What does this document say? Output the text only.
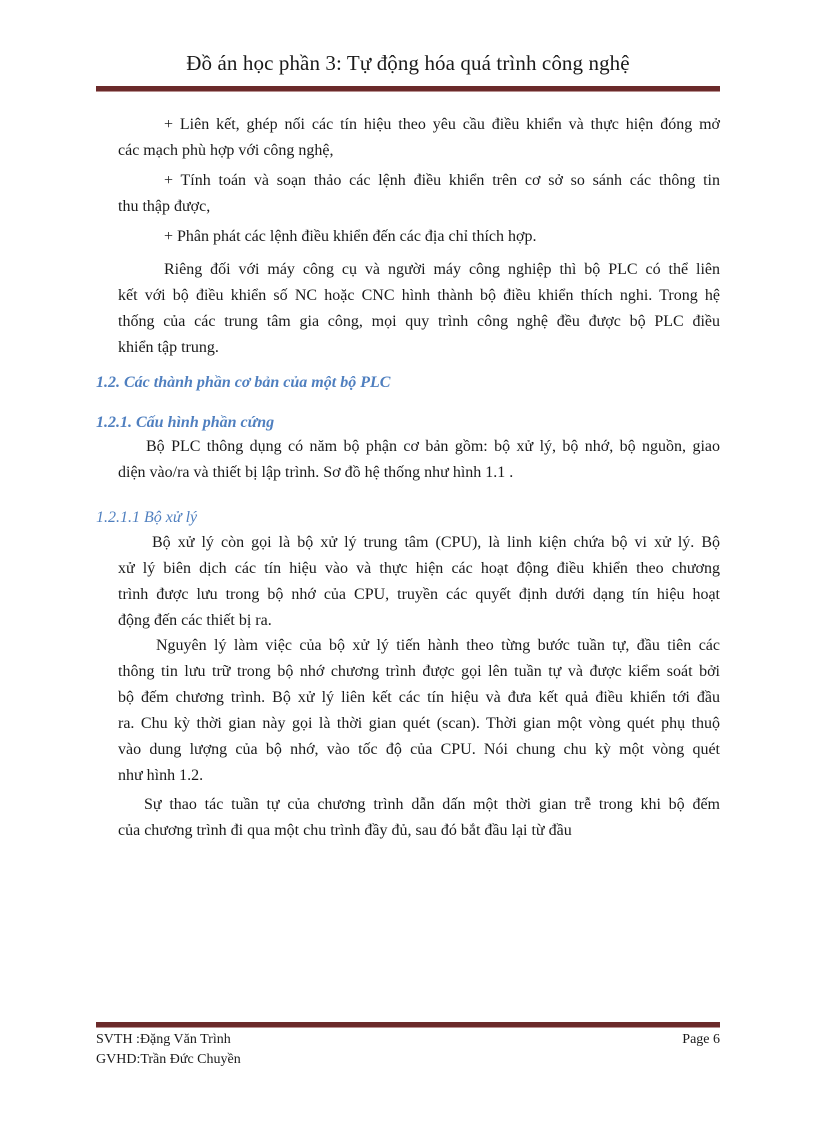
Đồ án học phần 3: Tự động hóa quá trình công nghệ
+ Liên kết, ghép nối các tín hiệu theo yêu cầu điều khiển và thực hiện đóng mở
các mạch phù hợp với công nghệ,
+ Tính toán và soạn thảo các lệnh điều khiển trên cơ sở so sánh các thông tin
thu thập được,
+ Phân phát các lệnh điều khiển đến các địa chỉ thích hợp.
Riêng đối với máy công cụ và người máy công nghiệp thì bộ PLC có thể liên
kết với bộ điều khiển số NC hoặc CNC hình thành bộ điều khiển thích nghi. Trong hệ
thống của các trung tâm gia công, mọi quy trình công nghệ đều được bộ PLC điều
khiển tập trung.
1.2. Các thành phần cơ bản của một bộ PLC
1.2.1. Cấu hình phần cứng
Bộ PLC thông dụng có năm bộ phận cơ bản gồm: bộ xử lý, bộ nhớ, bộ nguồn, giao
diện vào/ra và thiết bị lập trình. Sơ đồ hệ thống như hình 1.1 .
1.2.1.1 Bộ xử lý
Bộ xử lý còn gọi là bộ xử lý trung tâm (CPU), là linh kiện chứa bộ vi xử lý. Bộ
xử lý biên dịch các tín hiệu vào và thực hiện các hoạt động điều khiển theo chương
trình được lưu trong bộ nhớ của CPU, truyền các quyết định dưới dạng tín hiệu hoạt
động đến các thiết bị ra.
Nguyên lý làm việc của bộ xử lý tiến hành theo từng bước tuần tự, đầu tiên các
thông tin lưu trữ trong bộ nhớ chương trình được gọi lên tuần tự và được kiểm soát bởi
bộ đếm chương trình. Bộ xử lý liên kết các tín hiệu và đưa kết quả điều khiển tới đầu
ra. Chu kỳ thời gian này gọi là thời gian quét (scan). Thời gian một vòng quét phụ thuộ
vào dung lượng của bộ nhớ, vào tốc độ của CPU. Nói chung chu kỳ một vòng quét
như hình 1.2.
Sự thao tác tuần tự của chương trình dẫn dấn một thời gian trễ trong khi bộ đếm
của chương trình đi qua một chu trình đầy đủ, sau đó bắt đầu lại từ đầu
SVTH :Đặng Văn Trình
GVHD:Trần Đức Chuyền
Page 6
